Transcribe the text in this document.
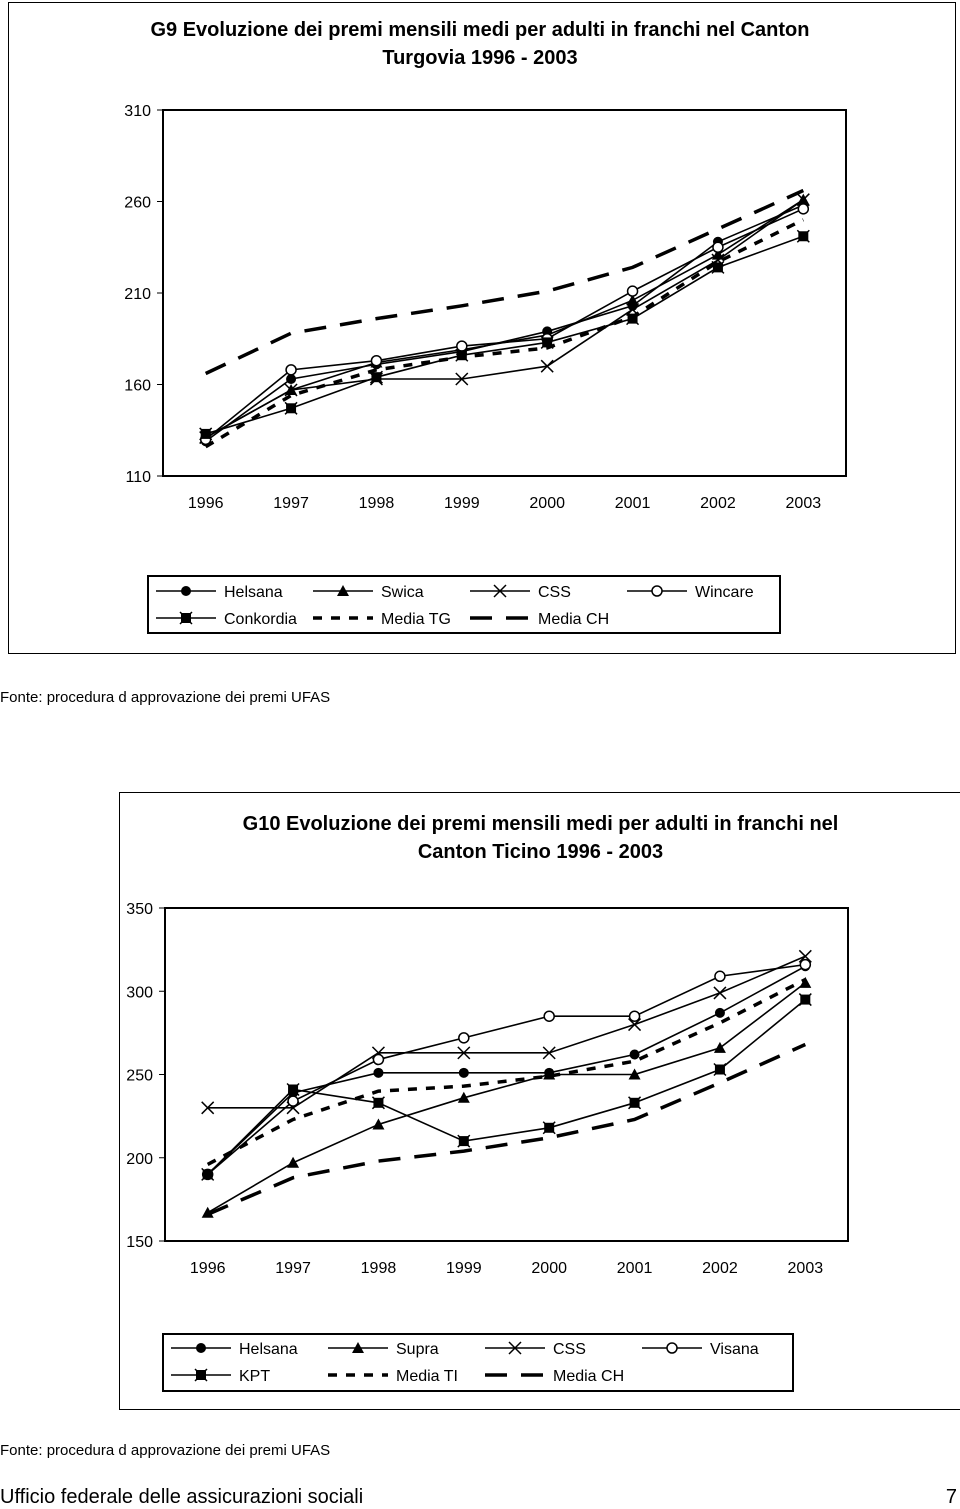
G9 Evoluzione dei premi mensili medi per adulti in franchi nel Canton
Turgovia 1996 - 2003
110
160
210
260
310
1996	1997	1998	1999	2000	2001	2002	2003
Helsana	Swica	CSS	Wincare
Conkordia	Media TG	Media CH
Fonte: procedura d approvazione dei premi UFAS
G10 Evoluzione dei premi mensili medi per adulti in franchi nel
Canton Ticino 1996 - 2003
150
200
250
300
350
1996	1997	1998	1999	2000	2001	2002	2003
Helsana	Supra	CSS	Visana
KPT	Media TI	Media CH
Fonte: procedura d approvazione dei premi UFAS
Ufficio federale delle assicurazioni sociali	7
